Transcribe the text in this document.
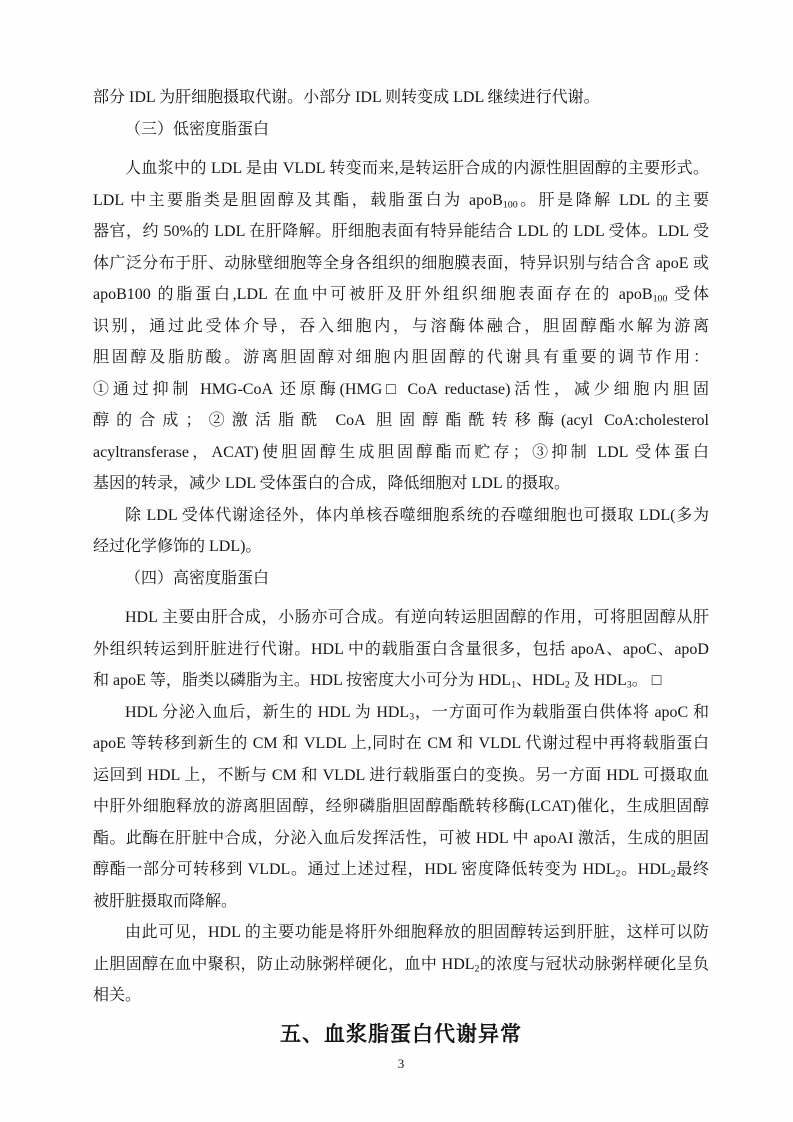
部分 IDL 为肝细胞摄取代谢。小部分 IDL 则转变成 LDL 继续进行代谢。
（三）低密度脂蛋白
人血浆中的 LDL 是由 VLDL 转变而来,是转运肝合成的内源性胆固醇的主要形式。
LDL 中主要脂类是胆固醇及其酯，载脂蛋白为 apoB$_{100}$。肝是降解 LDL 的主要
器官，约 50%的 LDL 在肝降解。肝细胞表面有特异能结合 LDL 的 LDL 受体。LDL 受
体广泛分布于肝、动脉壁细胞等全身各组织的细胞膜表面，特异识别与结合含 apoE 或
apoB100 的脂蛋白,LDL 在血中可被肝及肝外组织细胞表面存在的 apoB$_{100}$ 受体
识别，通过此受体介导，吞入细胞内，与溶酶体融合，胆固醇酯水解为游离
胆固醇及脂肪酸。游离胆固醇对细胞内胆固醇的代谢具有重要的调节作用：
①通过抑制 HMG-CoA 还原酶(HMG□ CoA reductase)活性，减少细胞内胆固
醇的合成；②激活脂酰 CoA 胆固醇酯酰转移酶(acyl CoA:cholesterol
acyltransferase，ACAT)使胆固醇生成胆固醇酯而贮存；③抑制 LDL 受体蛋白
基因的转录，减少 LDL 受体蛋白的合成，降低细胞对 LDL 的摄取。
除 LDL 受体代谢途径外，体内单核吞噬细胞系统的吞噬细胞也可摄取 LDL(多为
经过化学修饰的 LDL)。
（四）高密度脂蛋白
HDL 主要由肝合成，小肠亦可合成。有逆向转运胆固醇的作用，可将胆固醇从肝
外组织转运到肝脏进行代谢。HDL 中的载脂蛋白含量很多，包括 apoA、apoC、apoD
和 apoE 等，脂类以磷脂为主。HDL 按密度大小可分为 $HDL_1$、$HDL_2$ 及 $HDL_3$。 □
HDL 分泌入血后，新生的 HDL 为 $HDL_3$，一方面可作为载脂蛋白供体将 apoC 和
apoE 等转移到新生的 CM 和 VLDL 上,同时在 CM 和 VLDL 代谢过程中再将载脂蛋白
运回到 HDL 上，不断与 CM 和 VLDL 进行载脂蛋白的变换。另一方面 HDL 可摄取血
中肝外细胞释放的游离胆固醇，经卵磷脂胆固醇酯酰转移酶(LCAT)催化，生成胆固醇
酯。此酶在肝脏中合成，分泌入血后发挥活性，可被 HDL 中 apoAI 激活，生成的胆固
醇酯一部分可转移到 VLDL。通过上述过程，HDL 密度降低转变为 $HDL_2$。$HDL_2$最终
被肝脏摄取而降解。
由此可见，HDL 的主要功能是将肝外细胞释放的胆固醇转运到肝脏，这样可以防
止胆固醇在血中聚积，防止动脉粥样硬化，血中 $HDL_2$的浓度与冠状动脉粥样硬化呈负
相关。
五、血浆脂蛋白代谢异常
3
